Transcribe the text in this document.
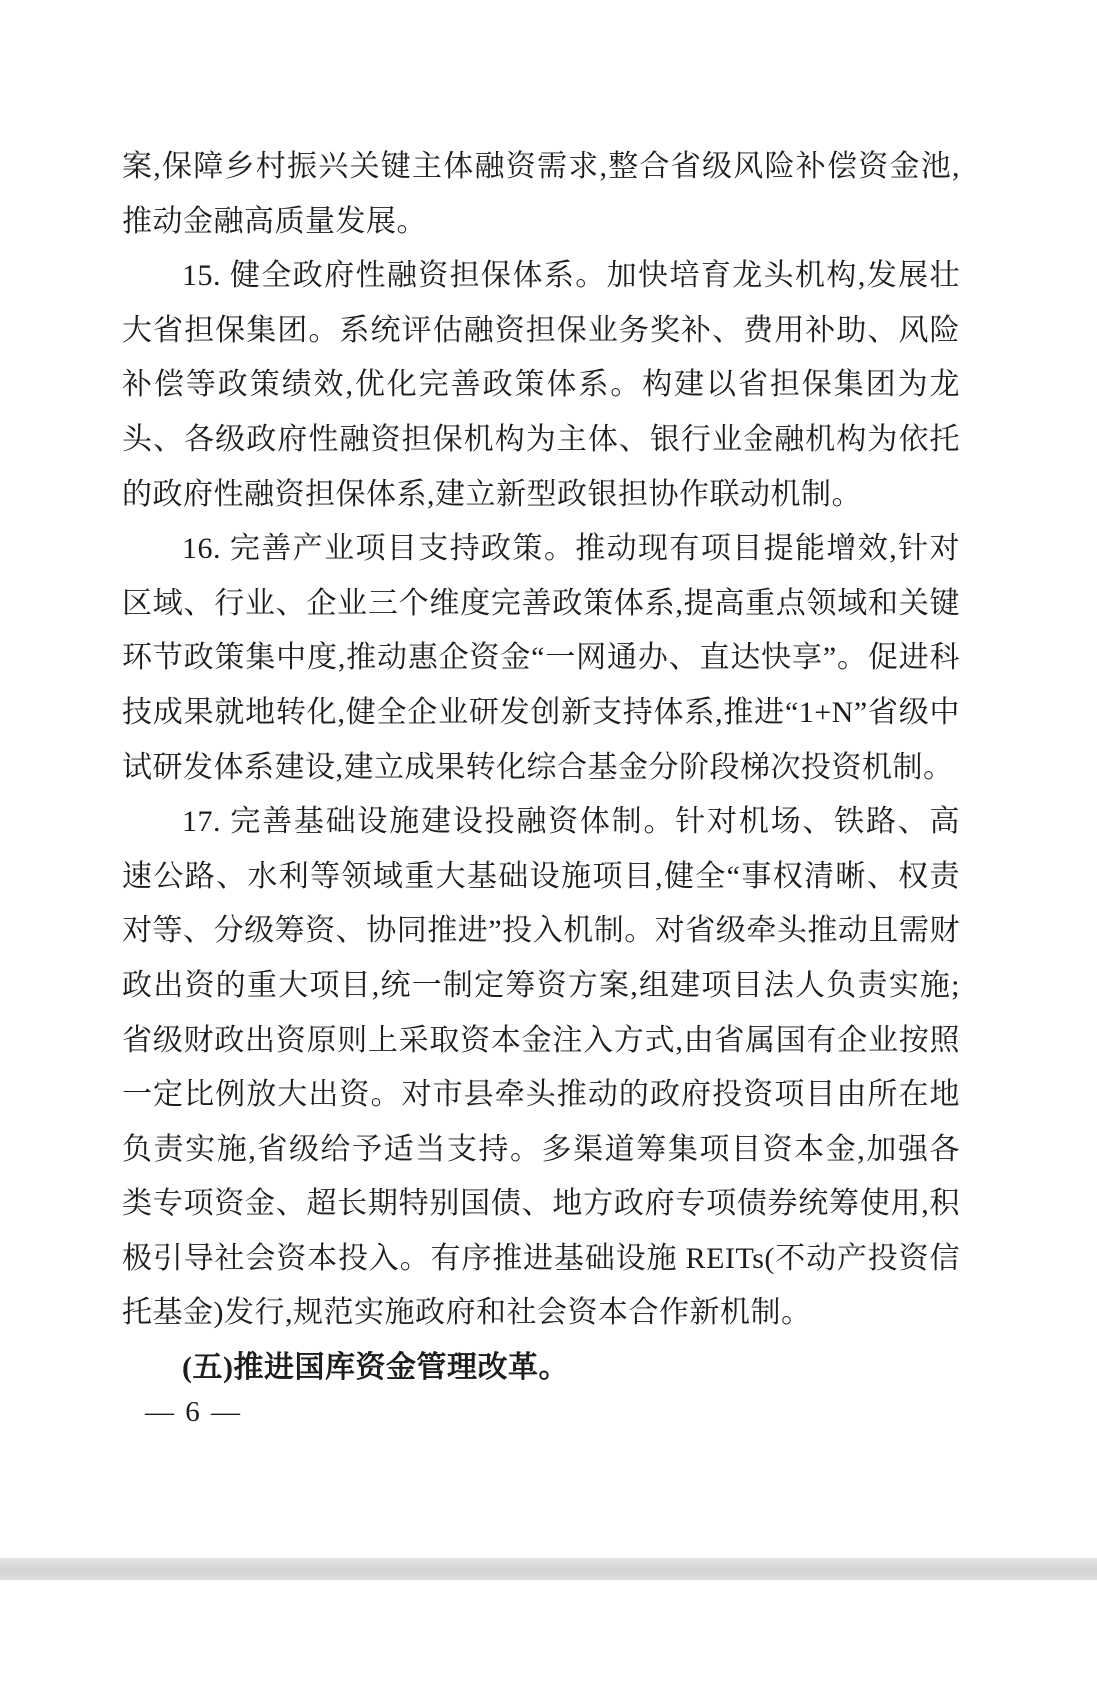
案,保障乡村振兴关键主体融资需求,整合省级风险补偿资金池,推动金融高质量发展。

15. 健全政府性融资担保体系。加快培育龙头机构,发展壮大省担保集团。系统评估融资担保业务奖补、费用补助、风险补偿等政策绩效,优化完善政策体系。构建以省担保集团为龙头、各级政府性融资担保机构为主体、银行业金融机构为依托的政府性融资担保体系,建立新型政银担协作联动机制。

16. 完善产业项目支持政策。推动现有项目提能增效,针对区域、行业、企业三个维度完善政策体系,提高重点领域和关键环节政策集中度,推动惠企资金“一网通办、直达快享”。促进科技成果就地转化,健全企业研发创新支持体系,推进“1+N”省级中试研发体系建设,建立成果转化综合基金分阶段梯次投资机制。

17. 完善基础设施建设投融资体制。针对机场、铁路、高速公路、水利等领域重大基础设施项目,健全“事权清晰、权责对等、分级筹资、协同推进”投入机制。对省级牵头推动且需财政出资的重大项目,统一制定筹资方案,组建项目法人负责实施;省级财政出资原则上采取资本金注入方式,由省属国有企业按照一定比例放大出资。对市县牵头推动的政府投资项目由所在地负责实施,省级给予适当支持。多渠道筹集项目资本金,加强各类专项资金、超长期特别国债、地方政府专项债券统筹使用,积极引导社会资本投入。有序推进基础设施 REITs(不动产投资信托基金)发行,规范实施政府和社会资本合作新机制。

(五)推进国库资金管理改革。

— 6 —
